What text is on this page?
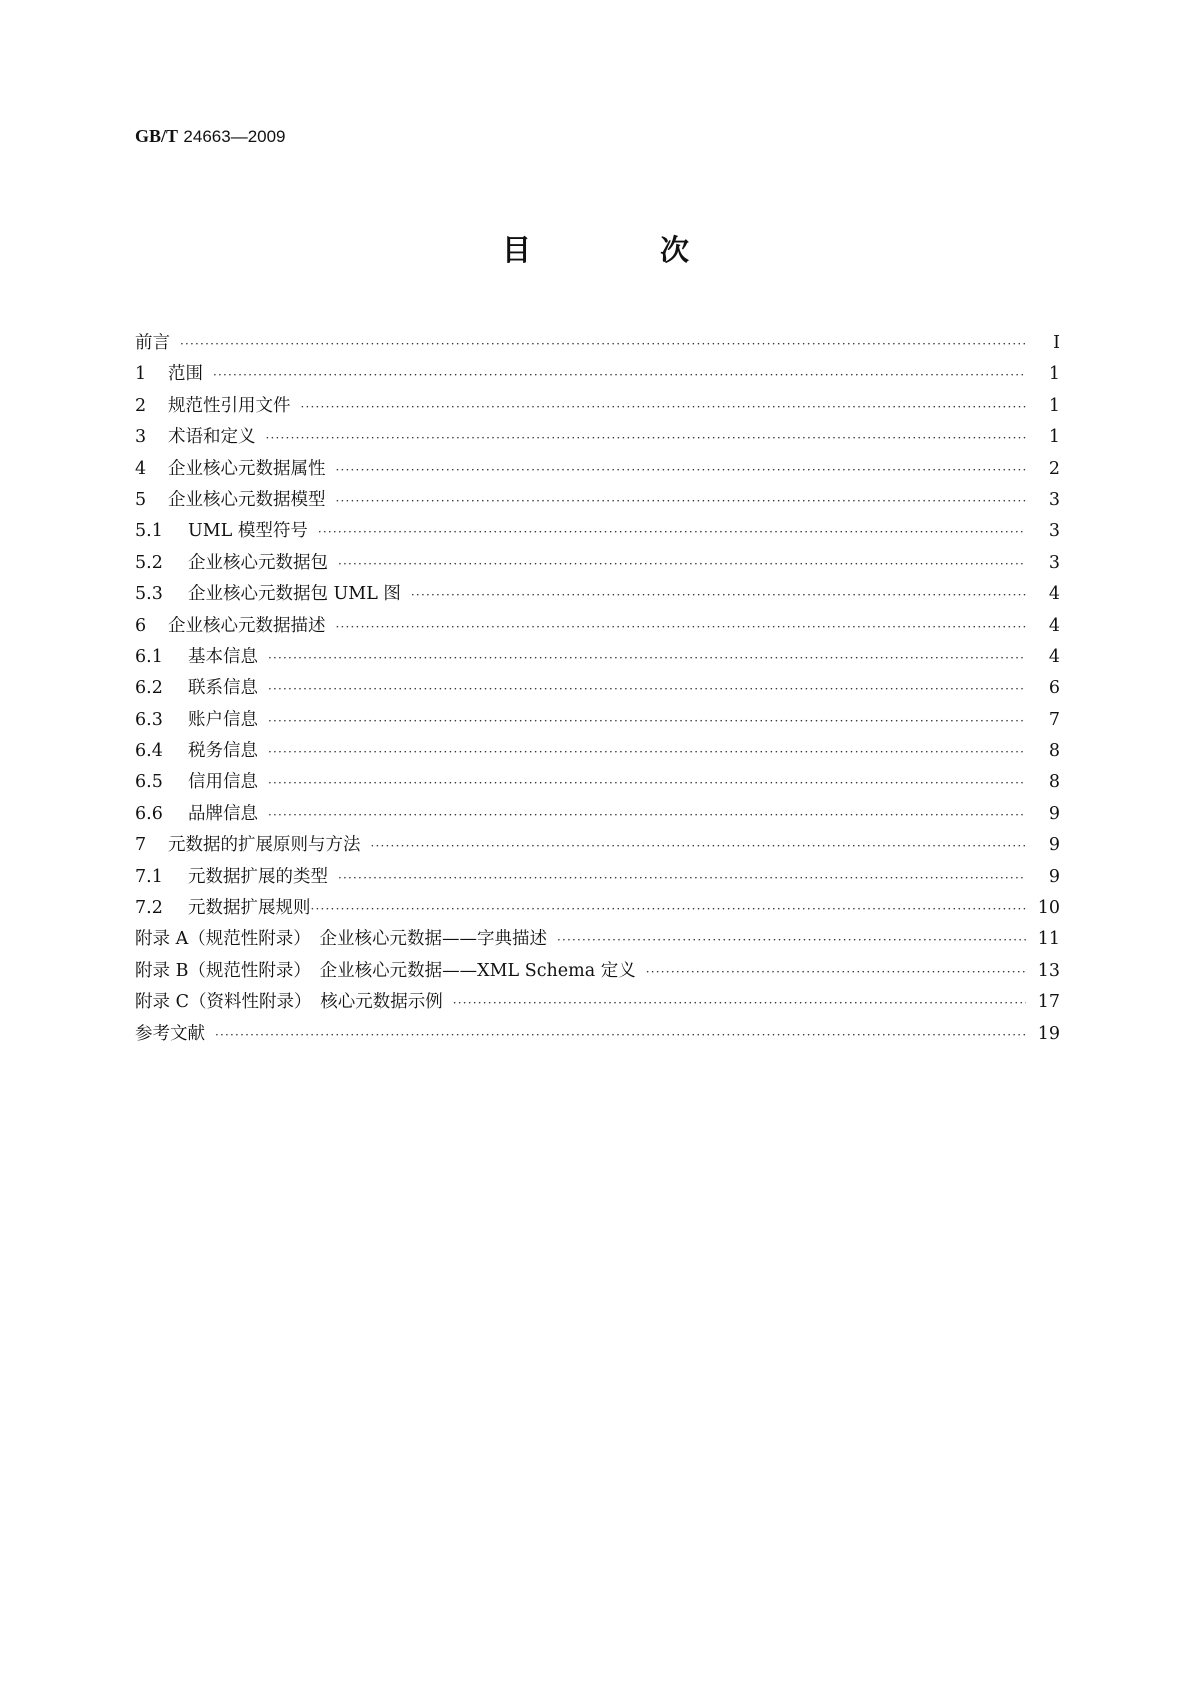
GB/T 24663—2009
目　次
前言 ·····	Ⅰ
1	范围 ·····	1
2	规范性引用文件 ·····	1
3	术语和定义 ·····	1
4	企业核心元数据属性 ·····	2
5	企业核心元数据模型 ·····	3
5.1	UML 模型符号 ·····	3
5.2	企业核心元数据包 ·····	3
5.3	企业核心元数据包 UML 图 ·····	4
6	企业核心元数据描述 ·····	4
6.1	基本信息 ·····	4
6.2	联系信息 ·····	6
6.3	账户信息 ·····	7
6.4	税务信息 ·····	8
6.5	信用信息 ·····	8
6.6	品牌信息 ·····	9
7	元数据的扩展原则与方法 ·····	9
7.1	元数据扩展的类型 ·····	9
7.2	元数据扩展规则 ·····	10
附录 A（规范性附录）　企业核心元数据——字典描述 ·····	11
附录 B（规范性附录）　企业核心元数据——XML Schema 定义 ·····	13
附录 C（资料性附录）　核心元数据示例 ·····	17
参考文献 ·····	19
